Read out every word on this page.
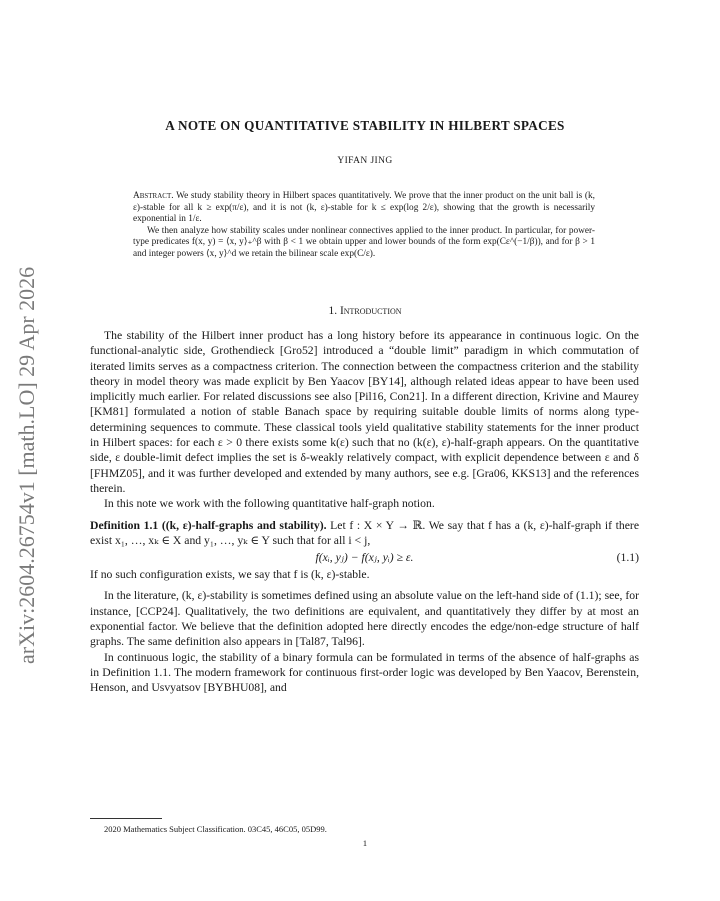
arXiv:2604.26754v1 [math.LO] 29 Apr 2026
A NOTE ON QUANTITATIVE STABILITY IN HILBERT SPACES
YIFAN JING

Abstract. We study stability theory in Hilbert spaces quantitatively. We prove that the inner product on the unit ball is (k, ε)-stable for all k ≥ exp(π/ε), and it is not (k, ε)-stable for k ≤ exp(log 2/ε), showing that the growth is necessarily exponential in 1/ε.

We then analyze how stability scales under nonlinear connectives applied to the inner product. In particular, for power-type predicates f(x, y) = ⟨x, y⟩₊^β with β < 1 we obtain upper and lower bounds of the form exp(Cε^(−1/β)), and for β > 1 and integer powers ⟨x, y⟩^d we retain the bilinear scale exp(C/ε).

1. Introduction

The stability of the Hilbert inner product has a long history before its appearance in continuous logic. On the functional-analytic side, Grothendieck [Gro52] introduced a “double limit” paradigm in which commutation of iterated limits serves as a compactness criterion. The connection between the compactness criterion and the stability theory in model theory was made explicit by Ben Yaacov [BY14], although related ideas appear to have been used implicitly much earlier. For related discussions see also [Pil16, Con21]. In a different direction, Krivine and Maurey [KM81] formulated a notion of stable Banach space by requiring suitable double limits of norms along type-determining sequences to commute. These classical tools yield qualitative stability statements for the inner product in Hilbert spaces: for each ε > 0 there exists some k(ε) such that no (k(ε), ε)-half-graph appears. On the quantitative side, ε double-limit defect implies the set is δ-weakly relatively compact, with explicit dependence between ε and δ [FHMZ05], and it was further developed and extended by many authors, see e.g. [Gra06, KKS13] and the references therein.

In this note we work with the following quantitative half-graph notion.

Definition 1.1 ((k, ε)-half-graphs and stability). Let f : X × Y → ℝ. We say that f has a (k, ε)-half-graph if there exist x₁, …, xₖ ∈ X and y₁, …, yₖ ∈ Y such that for all i < j,

f(xᵢ, yⱼ) − f(xⱼ, yᵢ) ≥ ε.	(1.1)

If no such configuration exists, we say that f is (k, ε)-stable.

In the literature, (k, ε)-stability is sometimes defined using an absolute value on the left-hand side of (1.1); see, for instance, [CCP24]. Qualitatively, the two definitions are equivalent, and quantitatively they differ by at most an exponential factor. We believe that the definition adopted here directly encodes the edge/non-edge structure of half graphs. The same definition also appears in [Tal87, Tal96].

In continuous logic, the stability of a binary formula can be formulated in terms of the absence of half-graphs as in Definition 1.1. The modern framework for continuous first-order logic was developed by Ben Yaacov, Berenstein, Henson, and Usvyatsov [BYBHU08], and

2020 Mathematics Subject Classification. 03C45, 46C05, 05D99.
1
